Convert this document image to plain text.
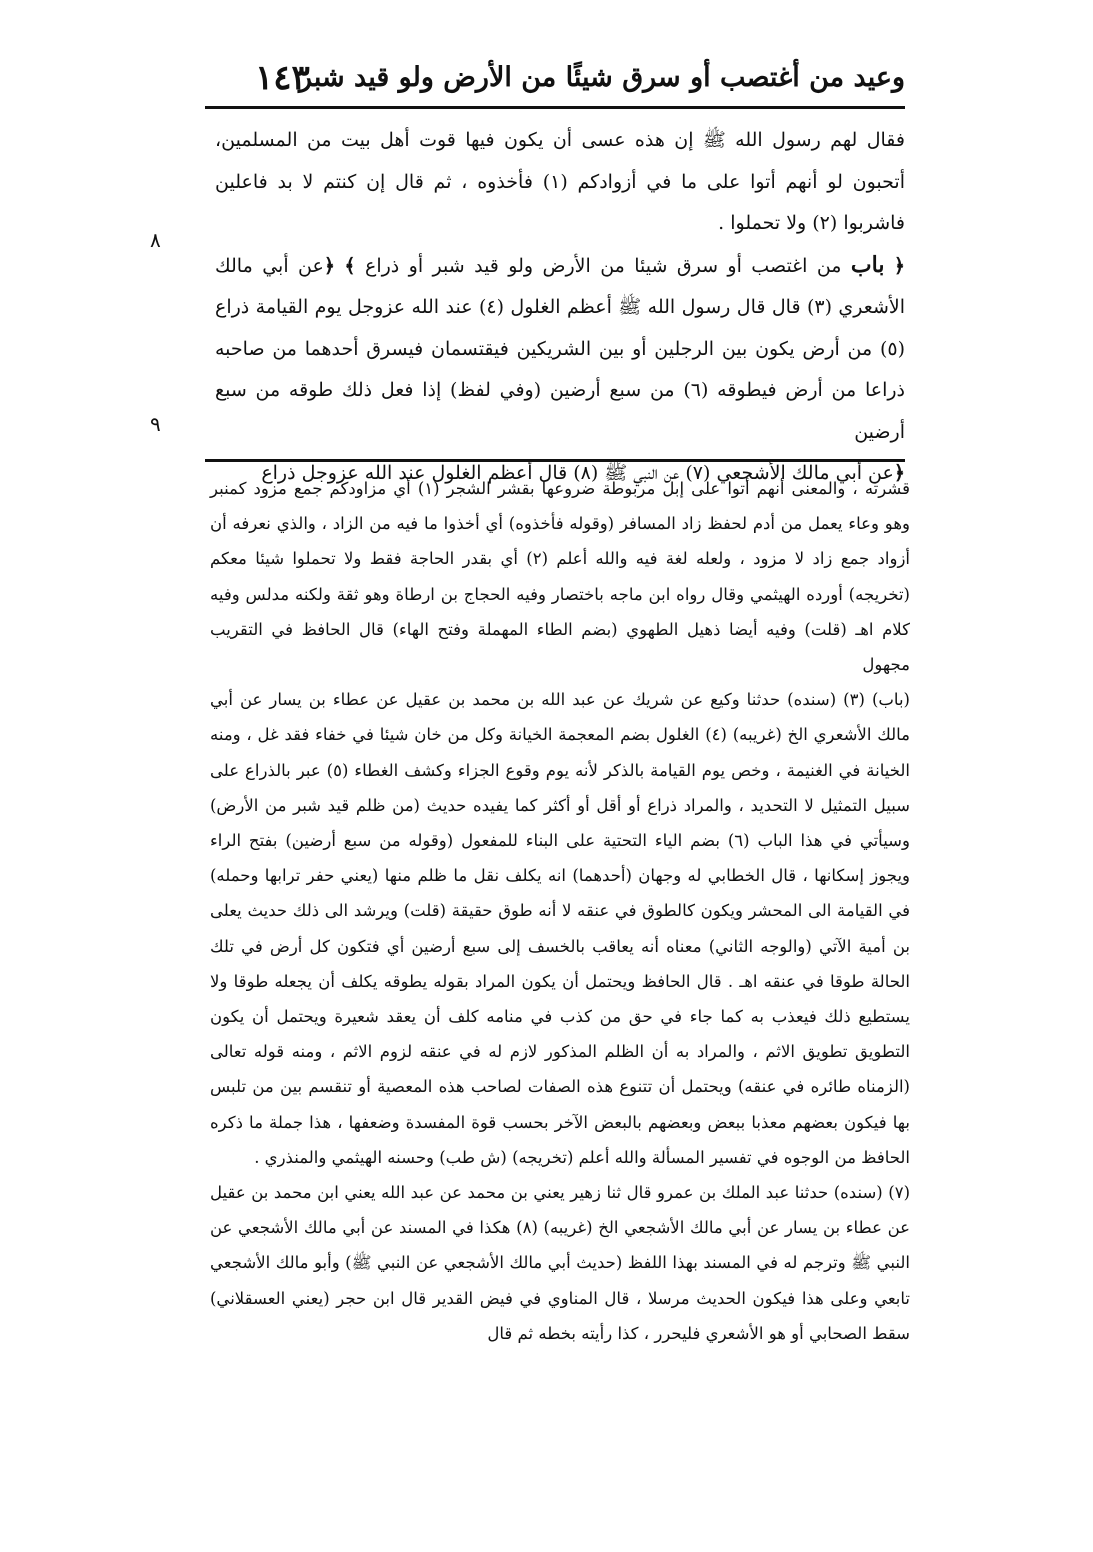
وعيد من أغتصب أو سرق شيئًا من الأرض ولو قيد شبر
١٤٣
٨
٩

فقال لهم رسول الله ﷺ إن هذه عسى أن يكون فيها قوت أهل بيت من المسلمين، أتحبون لو أنهم أتوا على ما في أزوادكم (١) فأخذوه ، ثم قال إن كنتم لا بد فاعلين فاشربوا (٢) ولا تحملوا .

﴿ باب من اغتصب أو سرق شيئا من الأرض ولو قيد شبر أو ذراع ﴾ ﴿عن أبي مالك الأشعري (٣) قال قال رسول الله ﷺ أعظم الغلول (٤) عند الله عزوجل يوم القيامة ذراع (٥) من أرض يكون بين الرجلين أو بين الشريكين فيقتسمان فيسرق أحدهما من صاحبه ذراعا من أرض فيطوقه (٦) من سبع أرضين (وفي لفظ) إذا فعل ذلك طوقه من سبع أرضين

﴿عن أبي مالك الأشجعي (٧) عن النبي ﷺ (٨) قال أعظم الغلول عند الله عزوجل ذراع

قشرته ، والمعنى أنهم أتوا على إبل مربوطة ضروعها بقشر الشجر (١) أي مزاودكم جمع مزود كمنبر وهو وعاء يعمل من أدم لحفظ زاد المسافر (وقوله فأخذوه) أي أخذوا ما فيه من الزاد ، والذي نعرفه أن أزواد جمع زاد لا مزود ، ولعله لغة فيه والله أعلم (٢) أي بقدر الحاجة فقط ولا تحملوا شيئا معكم (تخريجه) أورده الهيثمي وقال رواه ابن ماجه باختصار وفيه الحجاج بن ارطاة وهو ثقة ولكنه مدلس وفيه كلام اهـ (قلت) وفيه أيضا ذهيل الطهوي (بضم الطاء المهملة وفتح الهاء) قال الحافظ في التقريب مجهول

(باب) (٣) (سنده) حدثنا وكيع عن شريك عن عبد الله بن محمد بن عقيل عن عطاء بن يسار عن أبي مالك الأشعري الخ (غريبه) (٤) الغلول بضم المعجمة الخيانة وكل من خان شيئا في خفاء فقد غل ، ومنه الخيانة في الغنيمة ، وخص يوم القيامة بالذكر لأنه يوم وقوع الجزاء وكشف الغطاء (٥) عبر بالذراع على سبيل التمثيل لا التحديد ، والمراد ذراع أو أقل أو أكثر كما يفيده حديث (من ظلم قيد شبر من الأرض) وسيأتي في هذا الباب (٦) بضم الياء التحتية على البناء للمفعول (وقوله من سبع أرضين) بفتح الراء ويجوز إسكانها ، قال الخطابي له وجهان (أحدهما) انه يكلف نقل ما ظلم منها (يعني حفر ترابها وحمله) في القيامة الى المحشر ويكون كالطوق في عنقه لا أنه طوق حقيقة (قلت) ويرشد الى ذلك حديث يعلى بن أمية الآتي (والوجه الثاني) معناه أنه يعاقب بالخسف إلى سبع أرضين أي فتكون كل أرض في تلك الحالة طوقا في عنقه اهـ . قال الحافظ ويحتمل أن يكون المراد بقوله يطوقه يكلف أن يجعله طوقا ولا يستطيع ذلك فيعذب به كما جاء في حق من كذب في منامه كلف أن يعقد شعيرة ويحتمل أن يكون التطويق تطويق الاثم ، والمراد به أن الظلم المذكور لازم له في عنقه لزوم الاثم ، ومنه قوله تعالى (الزمناه طائره في عنقه) ويحتمل أن تتنوع هذه الصفات لصاحب هذه المعصية أو تنقسم بين من تلبس بها فيكون بعضهم معذبا ببعض وبعضهم بالبعض الآخر بحسب قوة المفسدة وضعفها ، هذا جملة ما ذكره الحافظ من الوجوه في تفسير المسألة والله أعلم (تخريجه) (ش طب) وحسنه الهيثمي والمنذري .

(٧) (سنده) حدثنا عبد الملك بن عمرو قال ثنا زهير يعني بن محمد عن عبد الله يعني ابن محمد بن عقيل عن عطاء بن يسار عن أبي مالك الأشجعي الخ (غريبه) (٨) هكذا في المسند عن أبي مالك الأشجعي عن النبي ﷺ وترجم له في المسند بهذا اللفظ (حديث أبي مالك الأشجعي عن النبي ﷺ) وأبو مالك الأشجعي تابعي وعلى هذا فيكون الحديث مرسلا ، قال المناوي في فيض القدير قال ابن حجر (يعني العسقلاني) سقط الصحابي أو هو الأشعري فليحرر ، كذا رأيته بخطه ثم قال
